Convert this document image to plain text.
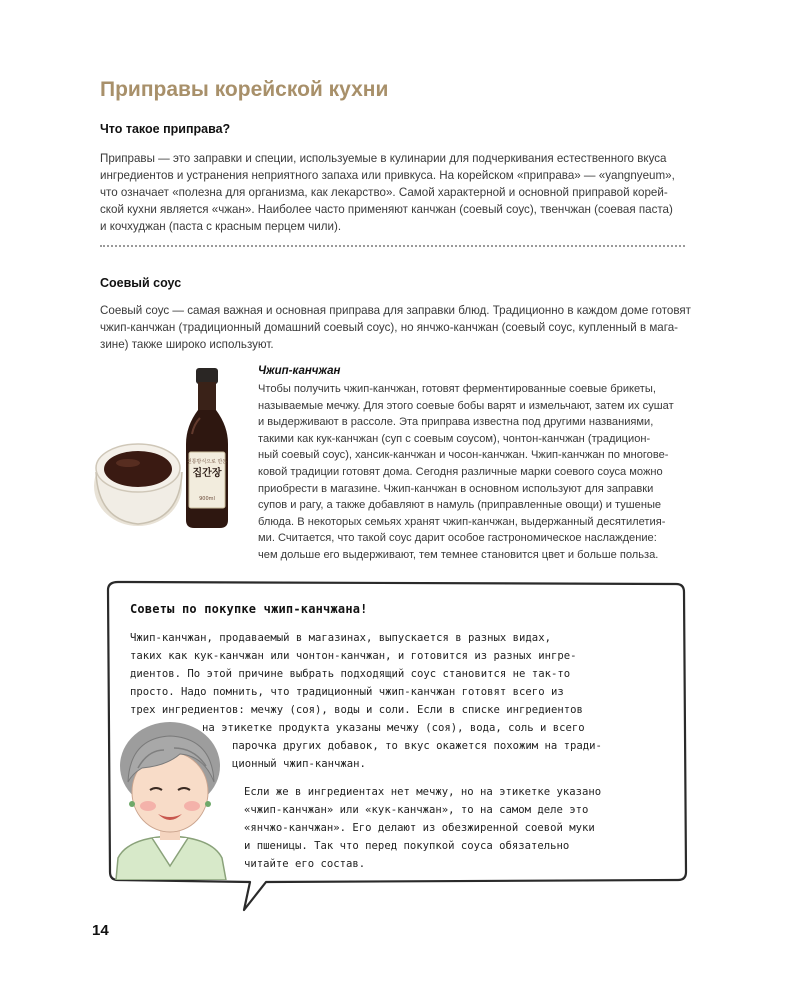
Приправы корейской кухни
Что такое приправа?
Приправы — это заправки и специи, используемые в кулинарии для подчеркивания естественного вкуса
ингредиентов и устранения неприятного запаха или привкуса. На корейском «приправа» — «yangnyeum»,
что означает «полезна для организма, как лекарство». Самой характерной и основной приправой корей-
ской кухни является «чжан». Наиболее часто применяют канчжан (соевый соус), твенчжан (соевая паста)
и кочхуджан (паста с красным перцем чили).
Соевый соус
Соевый соус — самая важная и основная приправа для заправки блюд. Традиционно в каждом доме готовят
чжип-канчжан (традиционный домашний соевый соус), но янчжо-канчжан (соевый соус, купленный в мага-
зине) также широко используют.
전통방식으로 만든
집간장
900ml
Чжип-канчжан
Чтобы получить чжип-канчжан, готовят ферментированные соевые брикеты,
называемые мечжу. Для этого соевые бобы варят и измельчают, затем их сушат
и выдерживают в рассоле. Эта приправа известна под другими названиями,
такими как кук-канчжан (суп с соевым соусом), чонтон-канчжан (традицион-
ный соевый соус), хансик-канчжан и чосон-канчжан. Чжип-канчжан по многове-
ковой традиции готовят дома. Сегодня различные марки соевого соуса можно
приобрести в магазине. Чжип-канчжан в основном используют для заправки
супов и рагу, а также добавляют в намуль (приправленные овощи) и тушеные
блюда. В некоторых семьях хранят чжип-канчжан, выдержанный десятилетия-
ми. Считается, что такой соус дарит особое гастрономическое наслаждение:
чем дольше его выдерживают, тем темнее становится цвет и больше польза.
Советы по покупке чжип-канчжана!
Чжип-канчжан, продаваемый в магазинах, выпускается в разных видах,
таких как кук-канчжан или чонтон-канчжан, и готовится из разных ингре-
диентов. По этой причине выбрать подходящий соус становится не так-то
просто. Надо помнить, что традиционный чжип-канчжан готовят всего из
трех ингредиентов: мечжу (соя), воды и соли. Если в списке ингредиентов
на этикетке продукта указаны мечжу (соя), вода, соль и всего
парочка других добавок, то вкус окажется похожим на тради-
ционный чжип-канчжан.
Если же в ингредиентах нет мечжу, но на этикетке указано
«чжип-канчжан» или «кук-канчжан», то на самом деле это
«янчжо-канчжан». Его делают из обезжиренной соевой муки
и пшеницы. Так что перед покупкой соуса обязательно
читайте его состав.
14
